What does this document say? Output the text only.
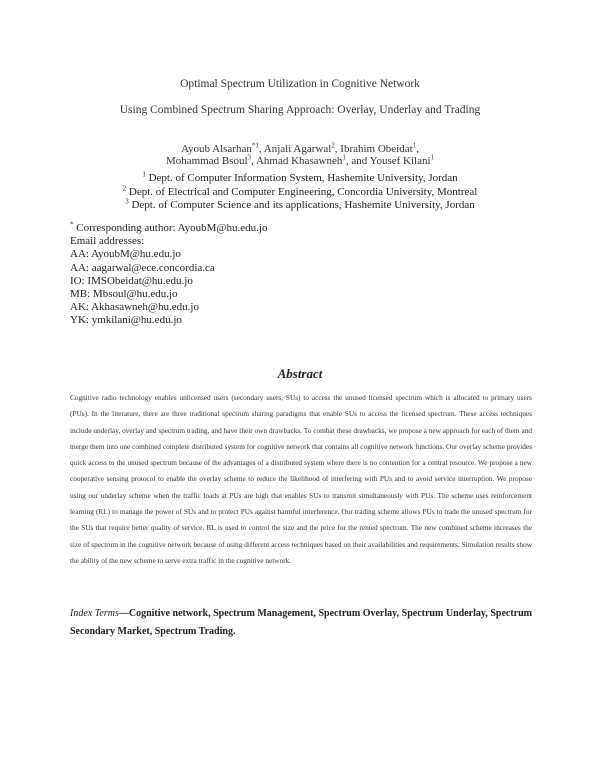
Optimal Spectrum Utilization in Cognitive Network
Using Combined Spectrum Sharing Approach: Overlay, Underlay and Trading
Ayoub Alsarhan$^{*1}$, Anjali Agarwal$^2$, Ibrahim Obeidat$^1$,
Mohammad Bsoul$^3$, Ahmad Khasawneh$^1$, and Yousef Kilani$^1$
$^1$ Dept. of Computer Information System, Hashemite University, Jordan
$^2$ Dept. of Electrical and Computer Engineering, Concordia University, Montreal
$^3$ Dept. of Computer Science and its applications, Hashemite University, Jordan
* Corresponding author: AyoubM@hu.edu.jo
Email addresses:
AA: AyoubM@hu.edu.jo
AA: aagarwal@ece.concordia.ca
IO: IMSObeidat@hu.edu.jo
MB: Mbsoul@hu.edu.jo
AK: Akhasawneh@hu.edu.jo
YK: ymkilani@hu.edu.jo
Abstract
Cognitive radio technology enables unlicensed users (secondary users, SUs) to access the unused licensed spectrum which is allocated to primary users (PUs). In the literature, there are three traditional spectrum sharing paradigms that enable SUs to access the licensed spectrum. These access techniques include underlay, overlay and spectrum trading, and have their own drawbacks. To combat these drawbacks, we propose a new approach for each of them and merge them into one combined complete distributed system for cognitive network that contains all cognitive network functions. Our overlay scheme provides quick access to the unused spectrum because of the advantages of a distributed system where there is no contention for a central resource. We propose a new cooperative sensing protocol to enable the overlay scheme to reduce the likelihood of interfering with PUs and to avoid service interruption. We propose using our underlay scheme when the traffic loads at PUs are high that enables SUs to transmit simultaneously with PUs. The scheme uses reinforcement learning (RL) to manage the power of SUs and to protect PUs against harmful interference. Our trading scheme allows PUs to trade the unused spectrum for the SUs that require better quality of service. RL is used to control the size and the price for the rented spectrum. The new combined scheme increases the size of spectrum in the cognitive network because of using different access techniques based on their availabilities and requirements. Simulation results show the ability of the new scheme to serve extra traffic in the cognitive network.
Index Terms—Cognitive network, Spectrum Management, Spectrum Overlay, Spectrum Underlay, Spectrum Secondary Market, Spectrum Trading.
